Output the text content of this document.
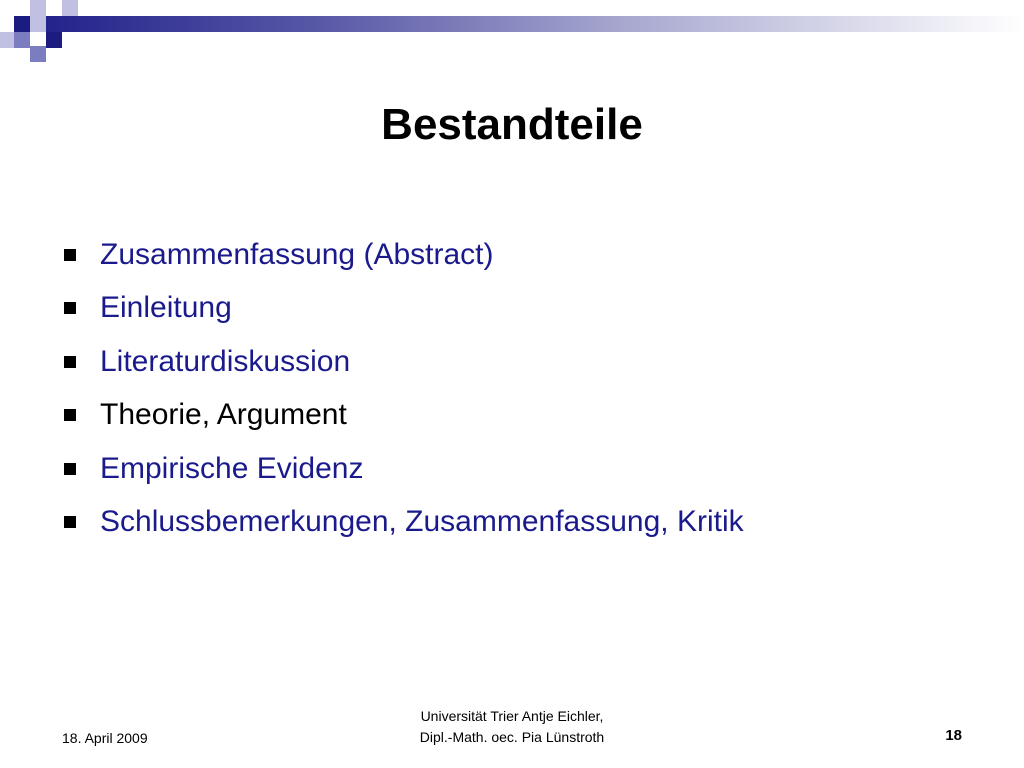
Bestandteile
Zusammenfassung (Abstract)
Einleitung
Literaturdiskussion
Theorie, Argument
Empirische Evidenz
Schlussbemerkungen, Zusammenfassung, Kritik
18. April 2009
Universität Trier Antje Eichler,
Dipl.-Math. oec. Pia Lünstroth	18
